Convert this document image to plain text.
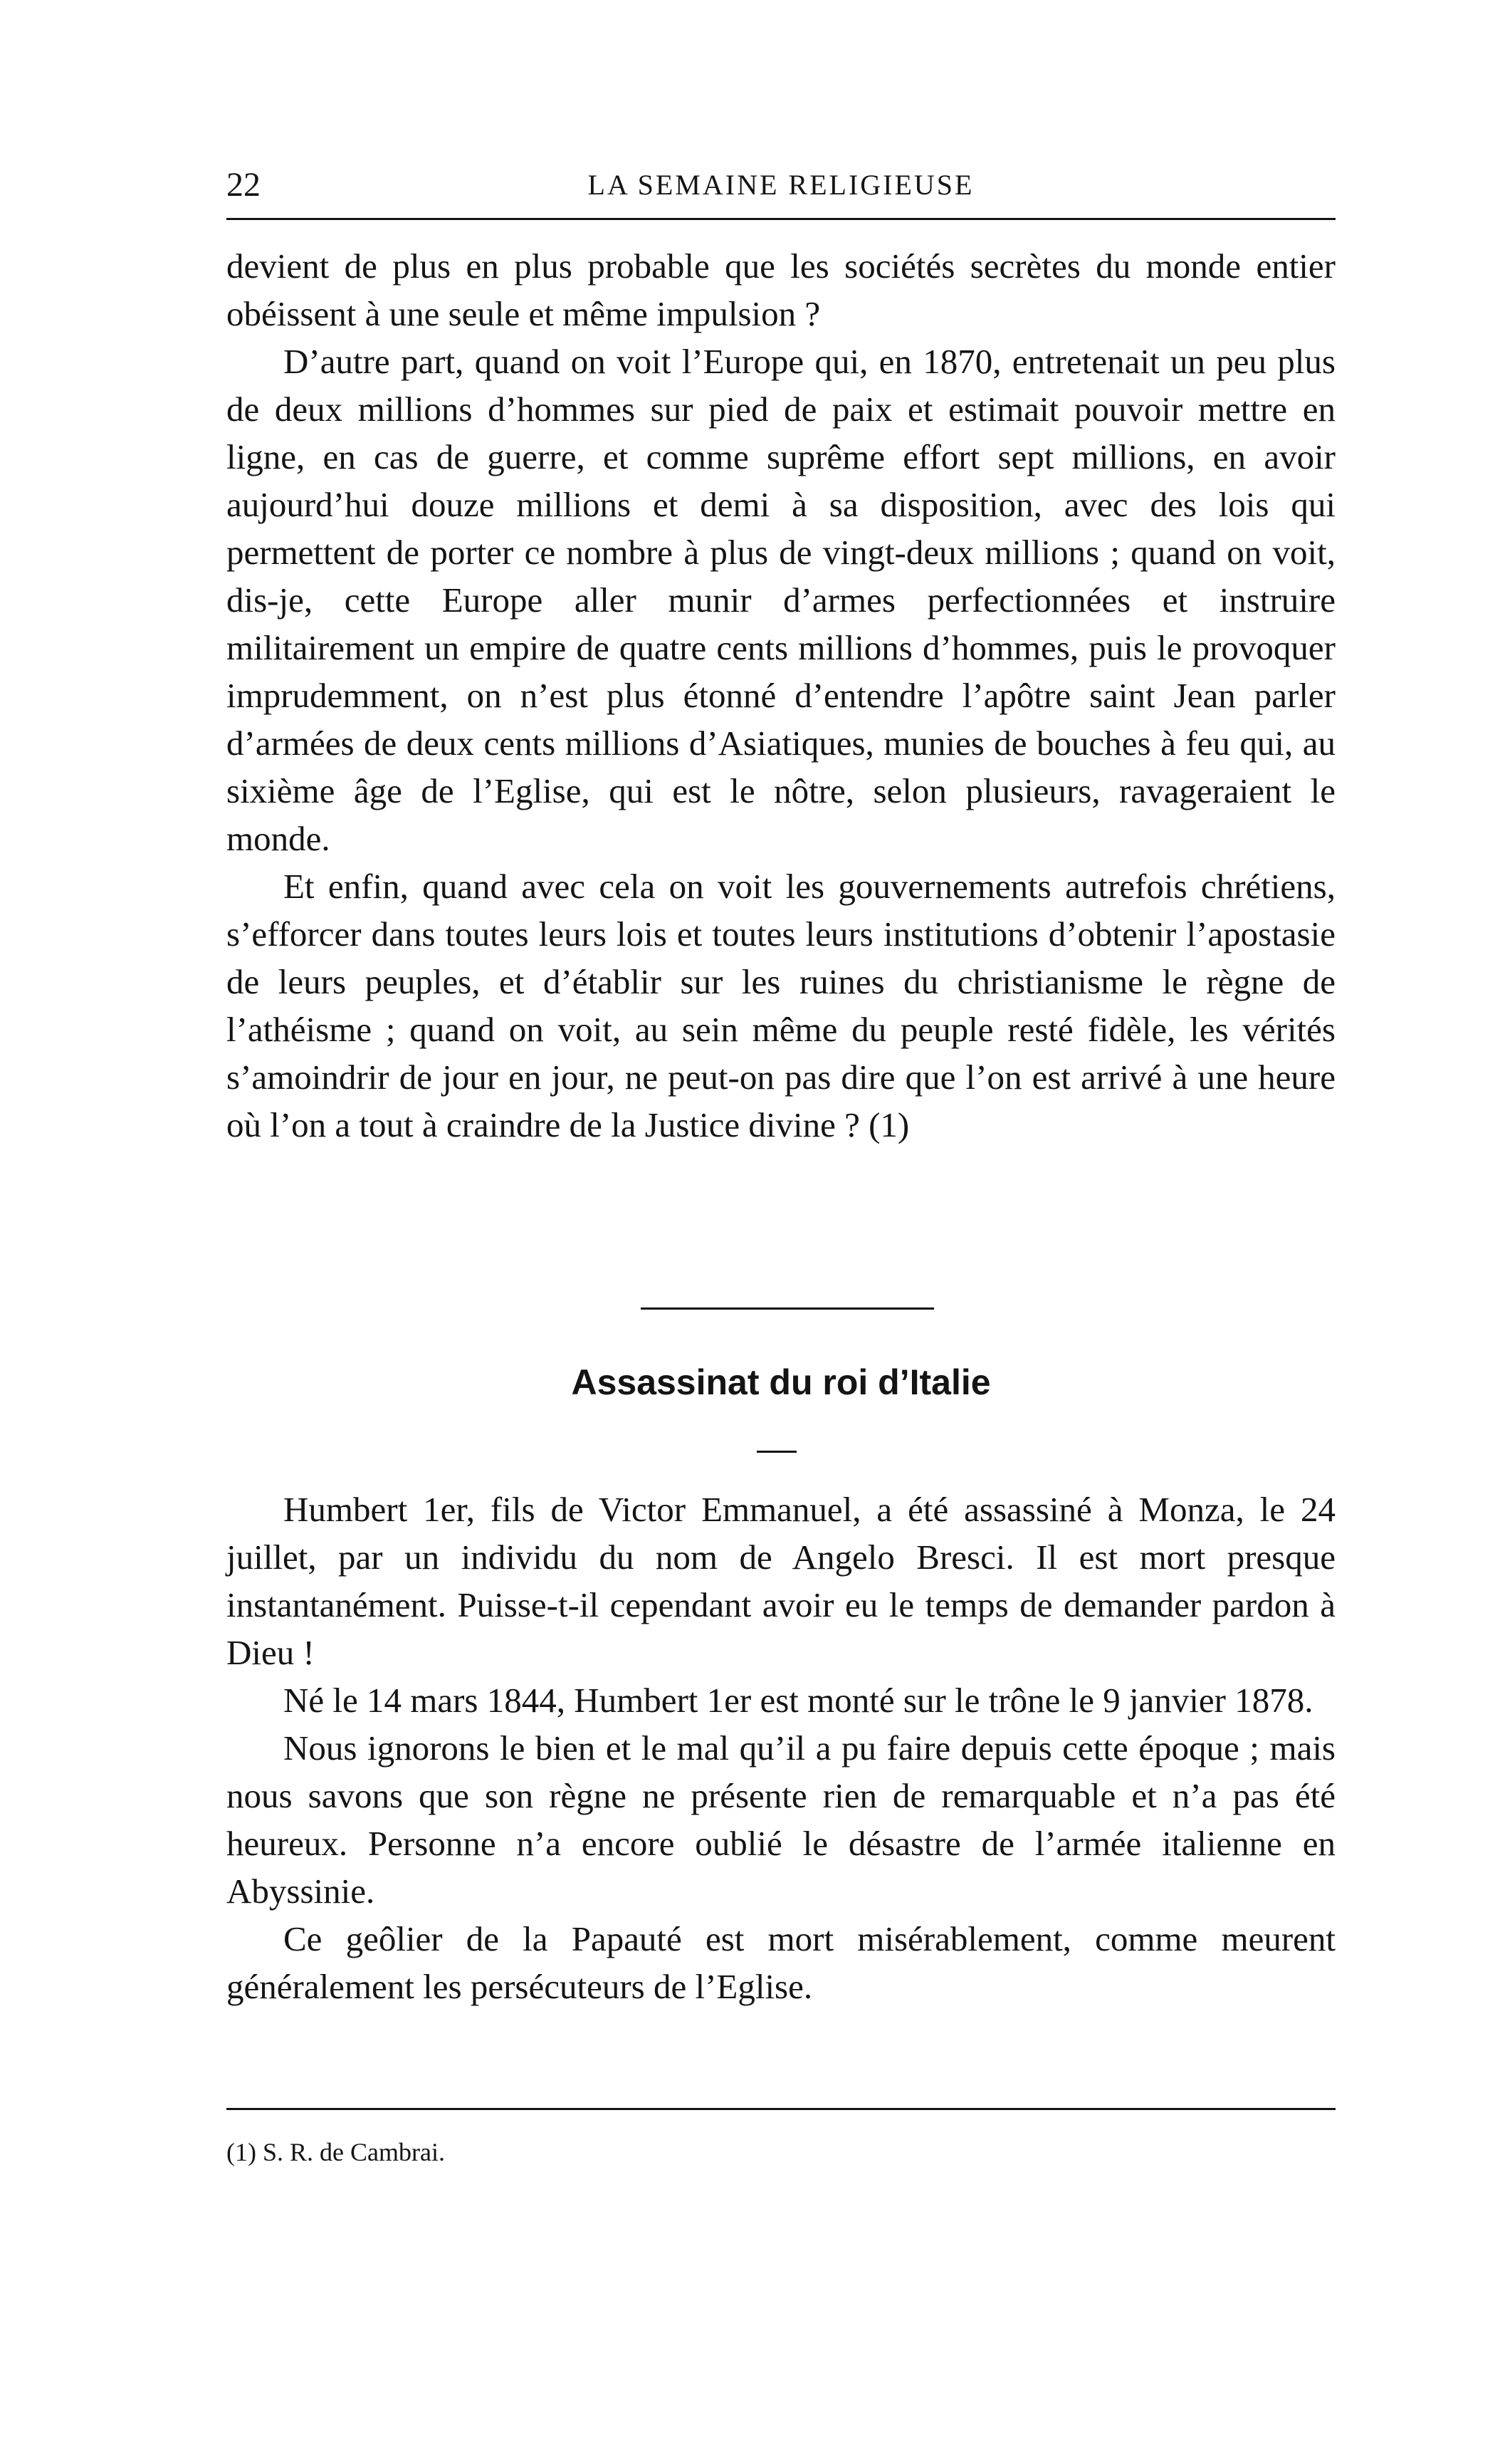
22	LA SEMAINE RELIGIEUSE

devient de plus en plus probable que les sociétés secrètes du monde entier obéissent à une seule et même impulsion ?

D’autre part, quand on voit l’Europe qui, en 1870, entretenait un peu plus de deux millions d’hommes sur pied de paix et estimait pouvoir mettre en ligne, en cas de guerre, et comme suprême effort sept millions, en avoir aujourd’hui douze millions et demi à sa disposition, avec des lois qui permettent de porter ce nombre à plus de vingt-deux millions ; quand on voit, dis-je, cette Europe aller munir d’armes perfectionnées et instruire militairement un empire de quatre cents millions d’hommes, puis le provoquer imprudemment, on n’est plus étonné d’entendre l’apôtre saint Jean parler d’armées de deux cents millions d’Asiatiques, munies de bouches à feu qui, au sixième âge de l’Eglise, qui est le nôtre, selon plusieurs, ravageraient le monde.

Et enfin, quand avec cela on voit les gouvernements autrefois chrétiens, s’efforcer dans toutes leurs lois et toutes leurs institutions d’obtenir l’apostasie de leurs peuples, et d’établir sur les ruines du christianisme le règne de l’athéisme ; quand on voit, au sein même du peuple resté fidèle, les vérités s’amoindrir de jour en jour, ne peut-on pas dire que l’on est arrivé à une heure où l’on a tout à craindre de la Justice divine ? (1)

Assassinat du roi d’Italie

Humbert 1er, fils de Victor Emmanuel, a été assassiné à Monza, le 24 juillet, par un individu du nom de Angelo Bresci. Il est mort presque instantanément. Puisse-t-il cependant avoir eu le temps de demander pardon à Dieu !

Né le 14 mars 1844, Humbert 1er est monté sur le trône le 9 janvier 1878.

Nous ignorons le bien et le mal qu’il a pu faire depuis cette époque ; mais nous savons que son règne ne présente rien de remarquable et n’a pas été heureux. Personne n’a encore oublié le désastre de l’armée italienne en Abyssinie.

Ce geôlier de la Papauté est mort misérablement, comme meurent généralement les persécuteurs de l’Eglise.

(1) S. R. de Cambrai.
